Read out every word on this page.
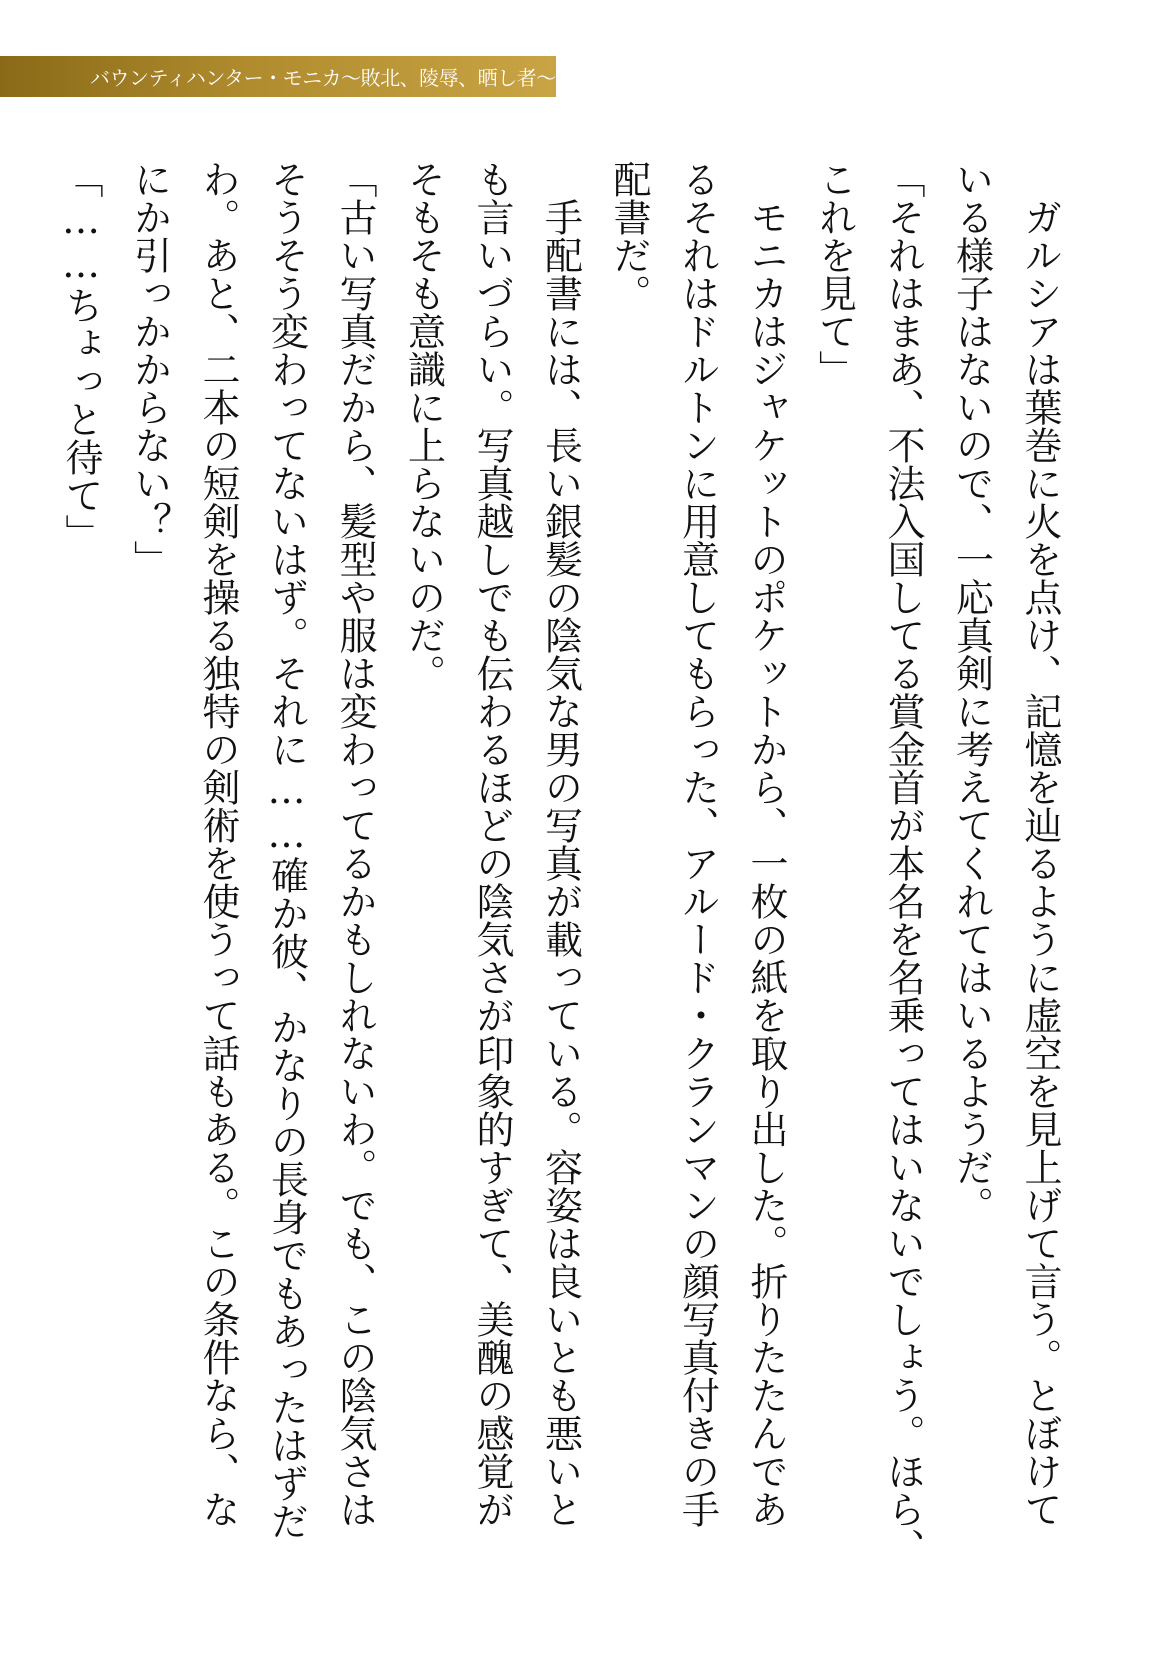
バウンティハンター・モニカ〜敗北、陵辱、晒し者〜

ガルシアは葉巻に火を点け、記憶を辿るように虚空を見上げて言う。とぼけて

いる様子はないので、一応真剣に考えてくれてはいるようだ。

「それはまあ、不法入国してる賞金首が本名を名乗ってはいないでしょう。ほら、

これを見て」

モニカはジャケットのポケットから、一枚の紙を取り出した。折りたたんであ

るそれはドルトンに用意してもらった、アルード・クランマンの顔写真付きの手

配書だ。

手配書には、長い銀髪の陰気な男の写真が載っている。容姿は良いとも悪いと

も言いづらい。写真越しでも伝わるほどの陰気さが印象的すぎて、美醜の感覚が

そもそも意識に上らないのだ。

「古い写真だから、髪型や服は変わってるかもしれないわ。でも、この陰気さは

そうそう変わってないはず。それに……確か彼、かなりの長身でもあったはずだ

わ。あと、二本の短剣を操る独特の剣術を使うって話もある。この条件なら、な

にか引っかからない？」

「……ちょっと待て」
